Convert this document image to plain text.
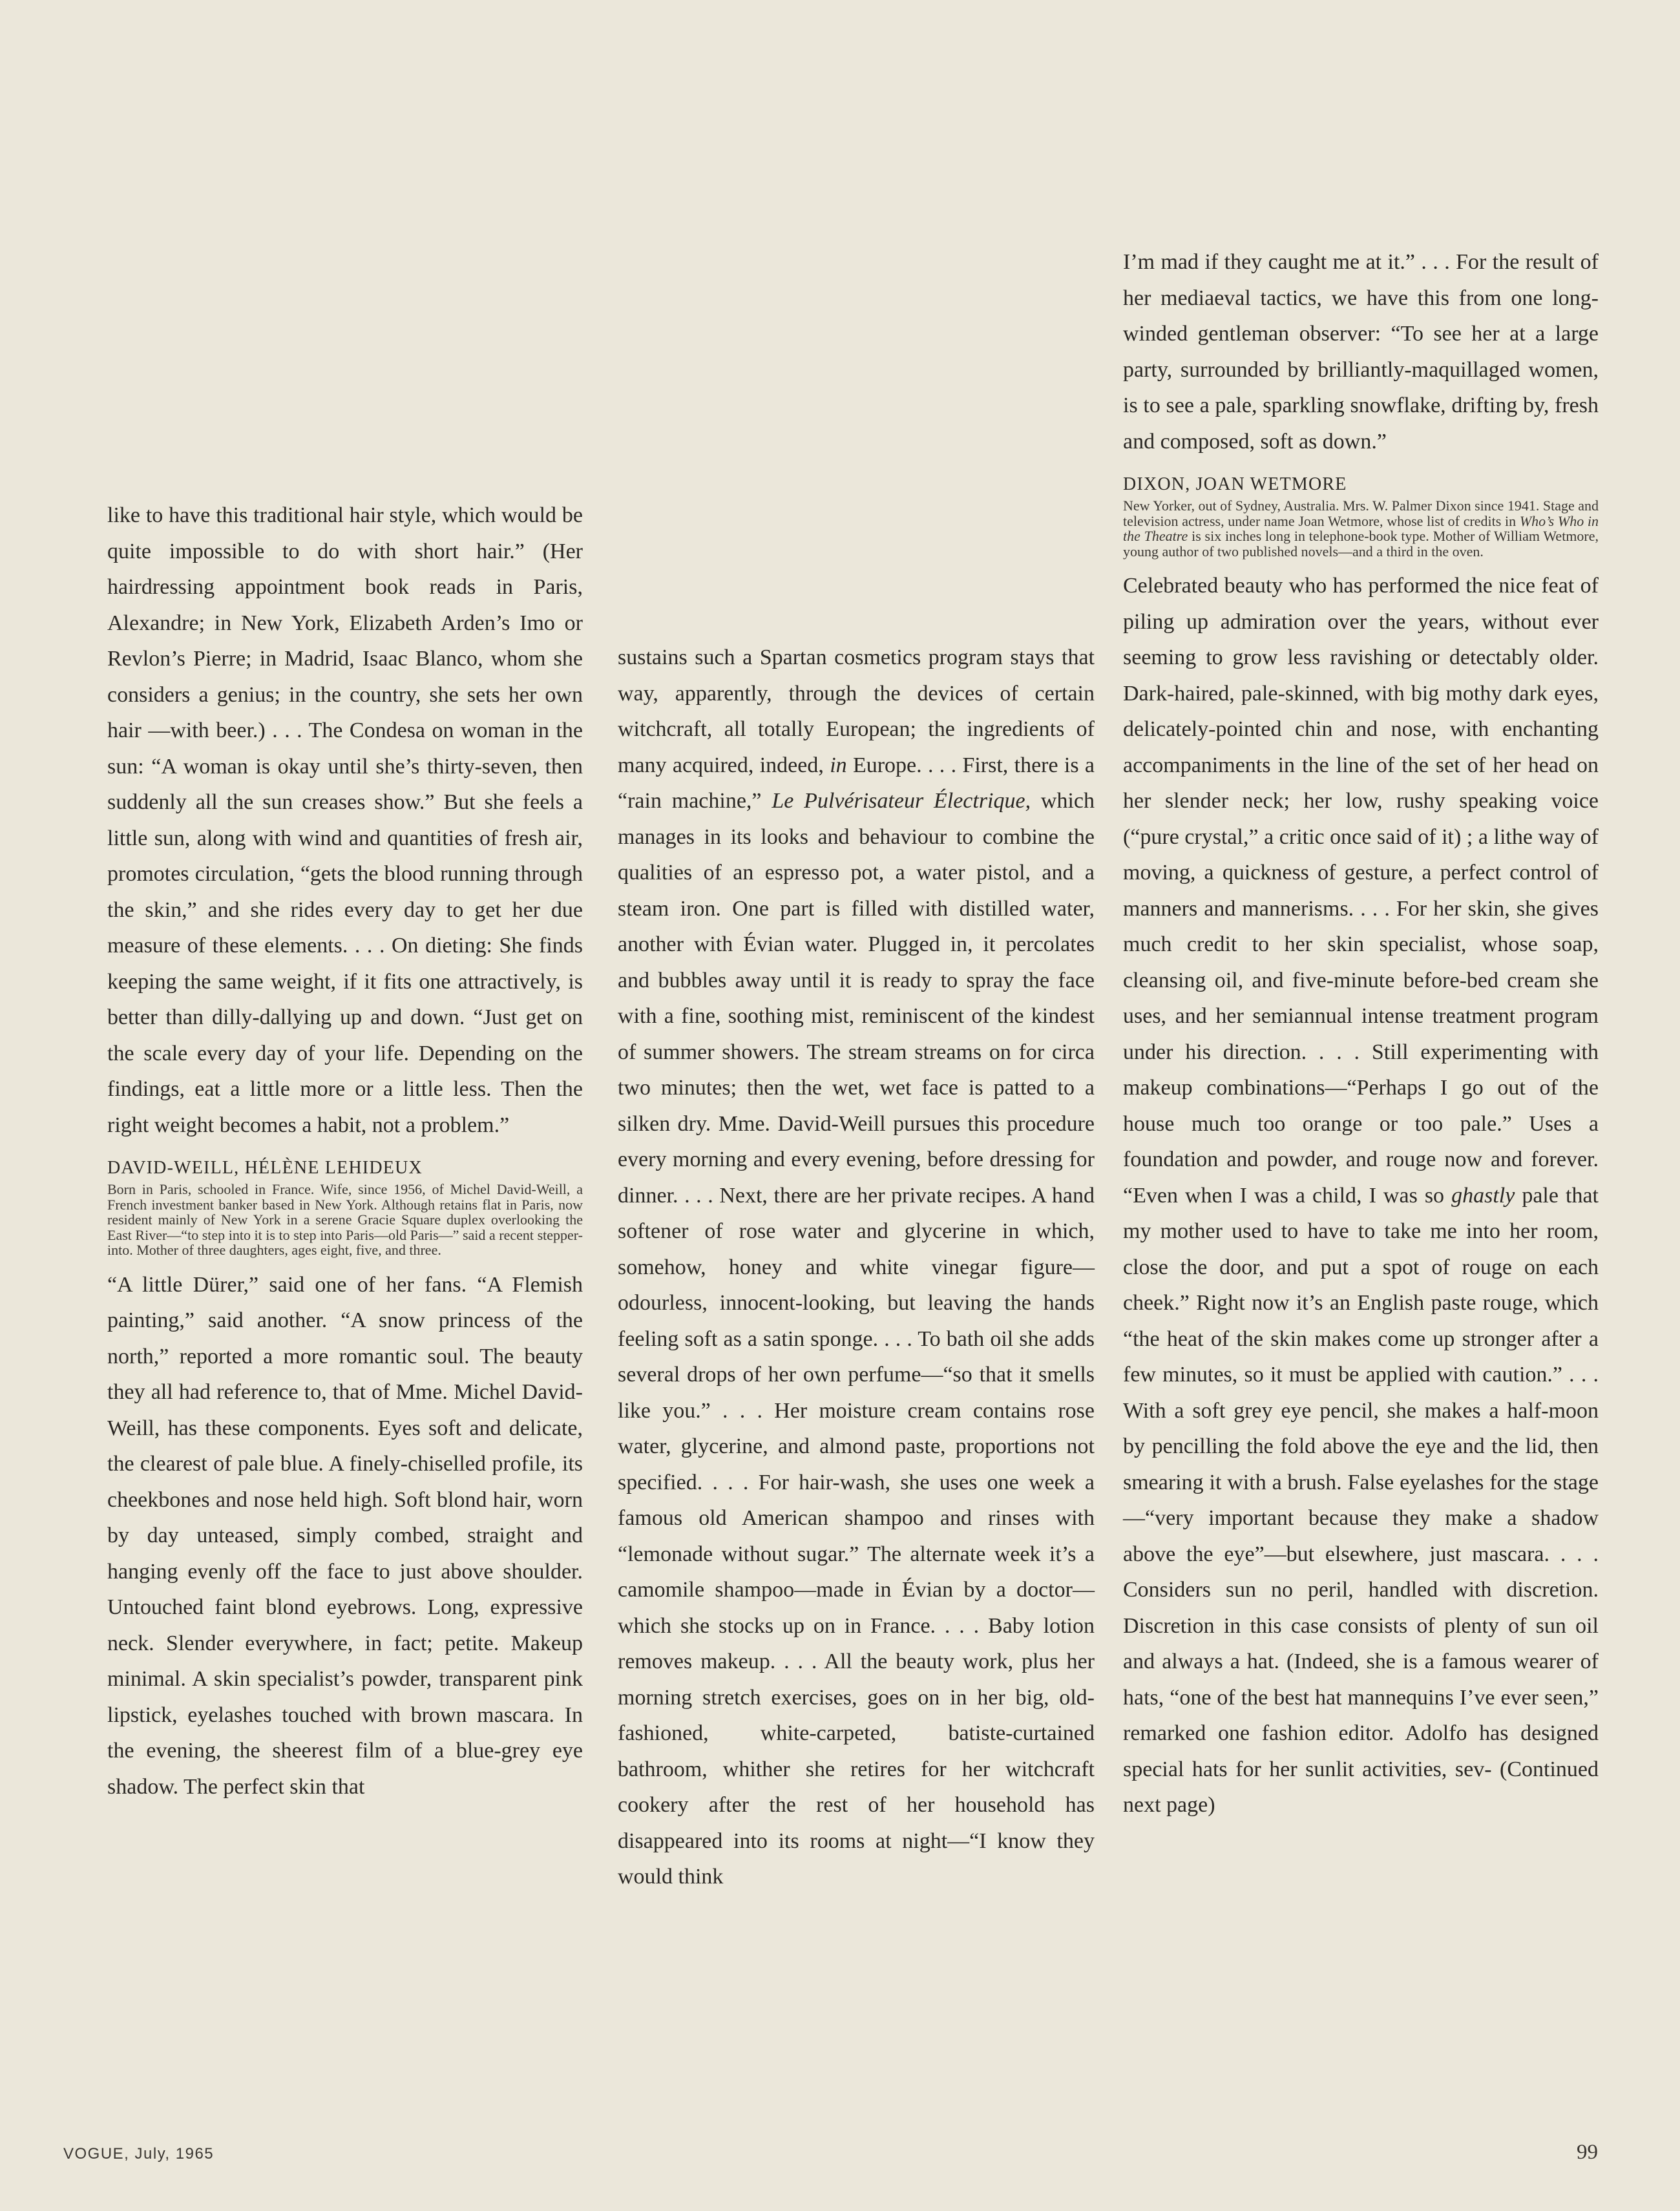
like to have this traditional hair style, which would be quite impossible to do with short hair.” (Her hairdressing appointment book reads in Paris, Alexandre; in New York, Elizabeth Arden’s Imo or Revlon’s Pierre; in Madrid, Isaac Blanco, whom she considers a genius; in the country, she sets her own hair —with beer.) . . . The Condesa on woman in the sun: “A woman is okay until she’s thirty-seven, then suddenly all the sun creases show.” But she feels a little sun, along with wind and quantities of fresh air, promotes circulation, “gets the blood running through the skin,” and she rides every day to get her due measure of these elements. . . . On dieting: She finds keeping the same weight, if it fits one attractively, is better than dilly-dallying up and down. “Just get on the scale every day of your life. Depending on the findings, eat a little more or a little less. Then the right weight becomes a habit, not a problem.”

DAVID-WEILL, HÉLÈNE LEHIDEUX
Born in Paris, schooled in France. Wife, since 1956, of Michel David-Weill, a French investment banker based in New York. Although retains flat in Paris, now resident mainly of New York in a serene Gracie Square duplex overlooking the East River—“to step into it is to step into Paris—old Paris—” said a recent stepper-into. Mother of three daughters, ages eight, five, and three.

“A little Dürer,” said one of her fans. “A Flemish painting,” said another. “A snow princess of the north,” reported a more romantic soul. The beauty they all had reference to, that of Mme. Michel David-Weill, has these components. Eyes soft and delicate, the clearest of pale blue. A finely-chiselled profile, its cheekbones and nose held high. Soft blond hair, worn by day unteased, simply combed, straight and hanging evenly off the face to just above shoulder. Untouched faint blond eyebrows. Long, expressive neck. Slender everywhere, in fact; petite. Makeup minimal. A skin specialist’s powder, transparent pink lipstick, eyelashes touched with brown mascara. In the evening, the sheerest film of a blue-grey eye shadow. The perfect skin that

sustains such a Spartan cosmetics program stays that way, apparently, through the devices of certain witchcraft, all totally European; the ingredients of many acquired, indeed, in Europe. . . . First, there is a “rain machine,” Le Pulvérisateur Électrique, which manages in its looks and behaviour to combine the qualities of an espresso pot, a water pistol, and a steam iron. One part is filled with distilled water, another with Évian water. Plugged in, it percolates and bubbles away until it is ready to spray the face with a fine, soothing mist, reminiscent of the kindest of summer showers. The stream streams on for circa two minutes; then the wet, wet face is patted to a silken dry. Mme. David-Weill pursues this procedure every morning and every evening, before dressing for dinner. . . . Next, there are her private recipes. A hand softener of rose water and glycerine in which, somehow, honey and white vinegar figure—odourless, innocent-looking, but leaving the hands feeling soft as a satin sponge. . . . To bath oil she adds several drops of her own perfume—“so that it smells like you.” . . . Her moisture cream contains rose water, glycerine, and almond paste, proportions not specified. . . . For hair-wash, she uses one week a famous old American shampoo and rinses with “lemonade without sugar.” The alternate week it’s a camomile shampoo—made in Évian by a doctor—which she stocks up on in France. . . . Baby lotion removes makeup. . . . All the beauty work, plus her morning stretch exercises, goes on in her big, old-fashioned, white-carpeted, batiste-curtained bathroom, whither she retires for her witchcraft cookery after the rest of her household has disappeared into its rooms at night—“I know they would think

I’m mad if they caught me at it.” . . . For the result of her mediaeval tactics, we have this from one long-winded gentleman observer: “To see her at a large party, surrounded by brilliantly-maquillaged women, is to see a pale, sparkling snowflake, drifting by, fresh and composed, soft as down.”

DIXON, JOAN WETMORE
New Yorker, out of Sydney, Australia. Mrs. W. Palmer Dixon since 1941. Stage and television actress, under name Joan Wetmore, whose list of credits in Who’s Who in the Theatre is six inches long in telephone-book type. Mother of William Wetmore, young author of two published novels—and a third in the oven.

Celebrated beauty who has performed the nice feat of piling up admiration over the years, without ever seeming to grow less ravishing or detectably older. Dark-haired, pale-skinned, with big mothy dark eyes, delicately-pointed chin and nose, with enchanting accompaniments in the line of the set of her head on her slender neck; her low, rushy speaking voice (“pure crystal,” a critic once said of it) ; a lithe way of moving, a quickness of gesture, a perfect control of manners and mannerisms. . . . For her skin, she gives much credit to her skin specialist, whose soap, cleansing oil, and five-minute before-bed cream she uses, and her semiannual intense treatment program under his direction. . . . Still experimenting with makeup combinations—“Perhaps I go out of the house much too orange or too pale.” Uses a foundation and powder, and rouge now and forever. “Even when I was a child, I was so ghastly pale that my mother used to have to take me into her room, close the door, and put a spot of rouge on each cheek.” Right now it’s an English paste rouge, which “the heat of the skin makes come up stronger after a few minutes, so it must be applied with caution.” . . . With a soft grey eye pencil, she makes a half-moon by pencilling the fold above the eye and the lid, then smearing it with a brush. False eyelashes for the stage—“very important because they make a shadow above the eye”—but elsewhere, just mascara. . . . Considers sun no peril, handled with discretion. Discretion in this case consists of plenty of sun oil and always a hat. (Indeed, she is a famous wearer of hats, “one of the best hat mannequins I’ve ever seen,” remarked one fashion editor. Adolfo has designed special hats for her sunlit activities, sev- (Continued next page)

VOGUE, July, 1965	99
